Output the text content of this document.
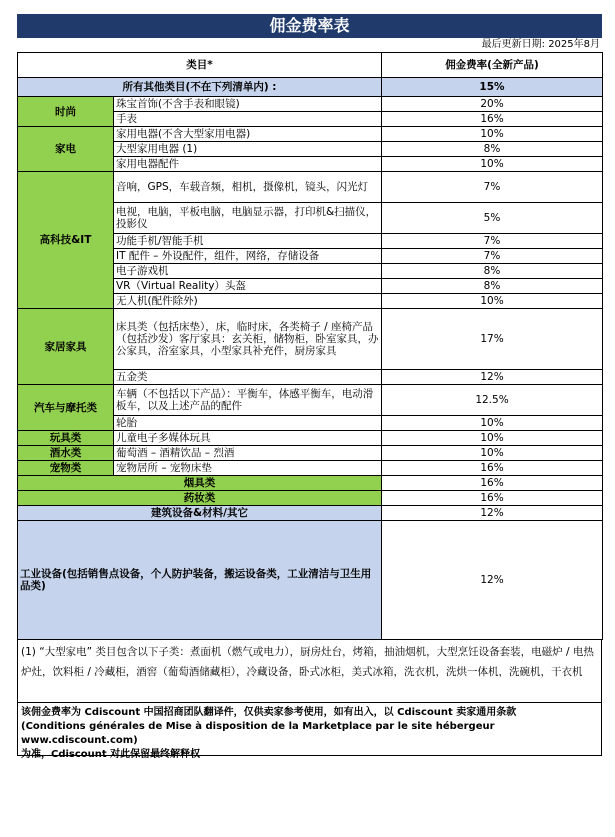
佣金费率表
最后更新日期: 2025年8月
类目*		佣金费率(全新产品)
所有其他类目(不在下列清单内) :		15%
时尚	珠宝首饰(不含手表和眼镜)	20%
	手表	16%
家电	家用电器(不含大型家用电器)	10%
	大型家用电器 (1)	8%
	家用电器配件	10%
高科技&IT	音响，GPS，车载音频，相机，摄像机，镜头，闪光灯	7%
	电视，电脑，平板电脑，电脑显示器，打印机&扫描仪，投影仪	5%
	功能手机/智能手机	7%
	IT 配件 – 外设配件，组件，网络，存储设备	7%
	电子游戏机	8%
	VR（Virtual Reality）头盔	8%
	无人机(配件除外)	10%
家居家具	床具类（包括床垫），床，临时床，各类椅子 / 座椅产品（包括沙发）客厅家具：玄关柜，储物柜，卧室家具，办公家具，浴室家具，小型家具补充件，厨房家具	17%
	五金类	12%
汽车与摩托类	车辆（不包括以下产品）：平衡车，体感平衡车，电动滑板车，以及上述产品的配件	12.5%
	轮胎	10%
玩具类	儿童电子多媒体玩具	10%
酒水类	葡萄酒 – 酒精饮品 – 烈酒	10%
宠物类	宠物居所 – 宠物床垫	16%
烟具类		16%
药妆类		16%
建筑设备&材料/其它		12%
工业设备(包括销售点设备，个人防护装备，搬运设备类，工业清洁与卫生用品类)		12%
(1) “大型家电” 类目包含以下子类：煮面机（燃气或电力），厨房灶台，烤箱，抽油烟机，大型烹饪设备套装，电磁炉 / 电热炉灶，饮料柜 / 冷藏柜，酒窖（葡萄酒储藏柜），冷藏设备，卧式冰柜，美式冰箱，洗衣机，洗烘一体机，洗碗机，干衣机
该佣金费率为 Cdiscount 中国招商团队翻译件，仅供卖家参考使用，如有出入，以 Cdiscount 卖家通用条款
(Conditions générales de Mise à disposition de la Marketplace par le site hébergeur www.cdiscount.com)
为准，Cdiscount 对此保留最终解释权
